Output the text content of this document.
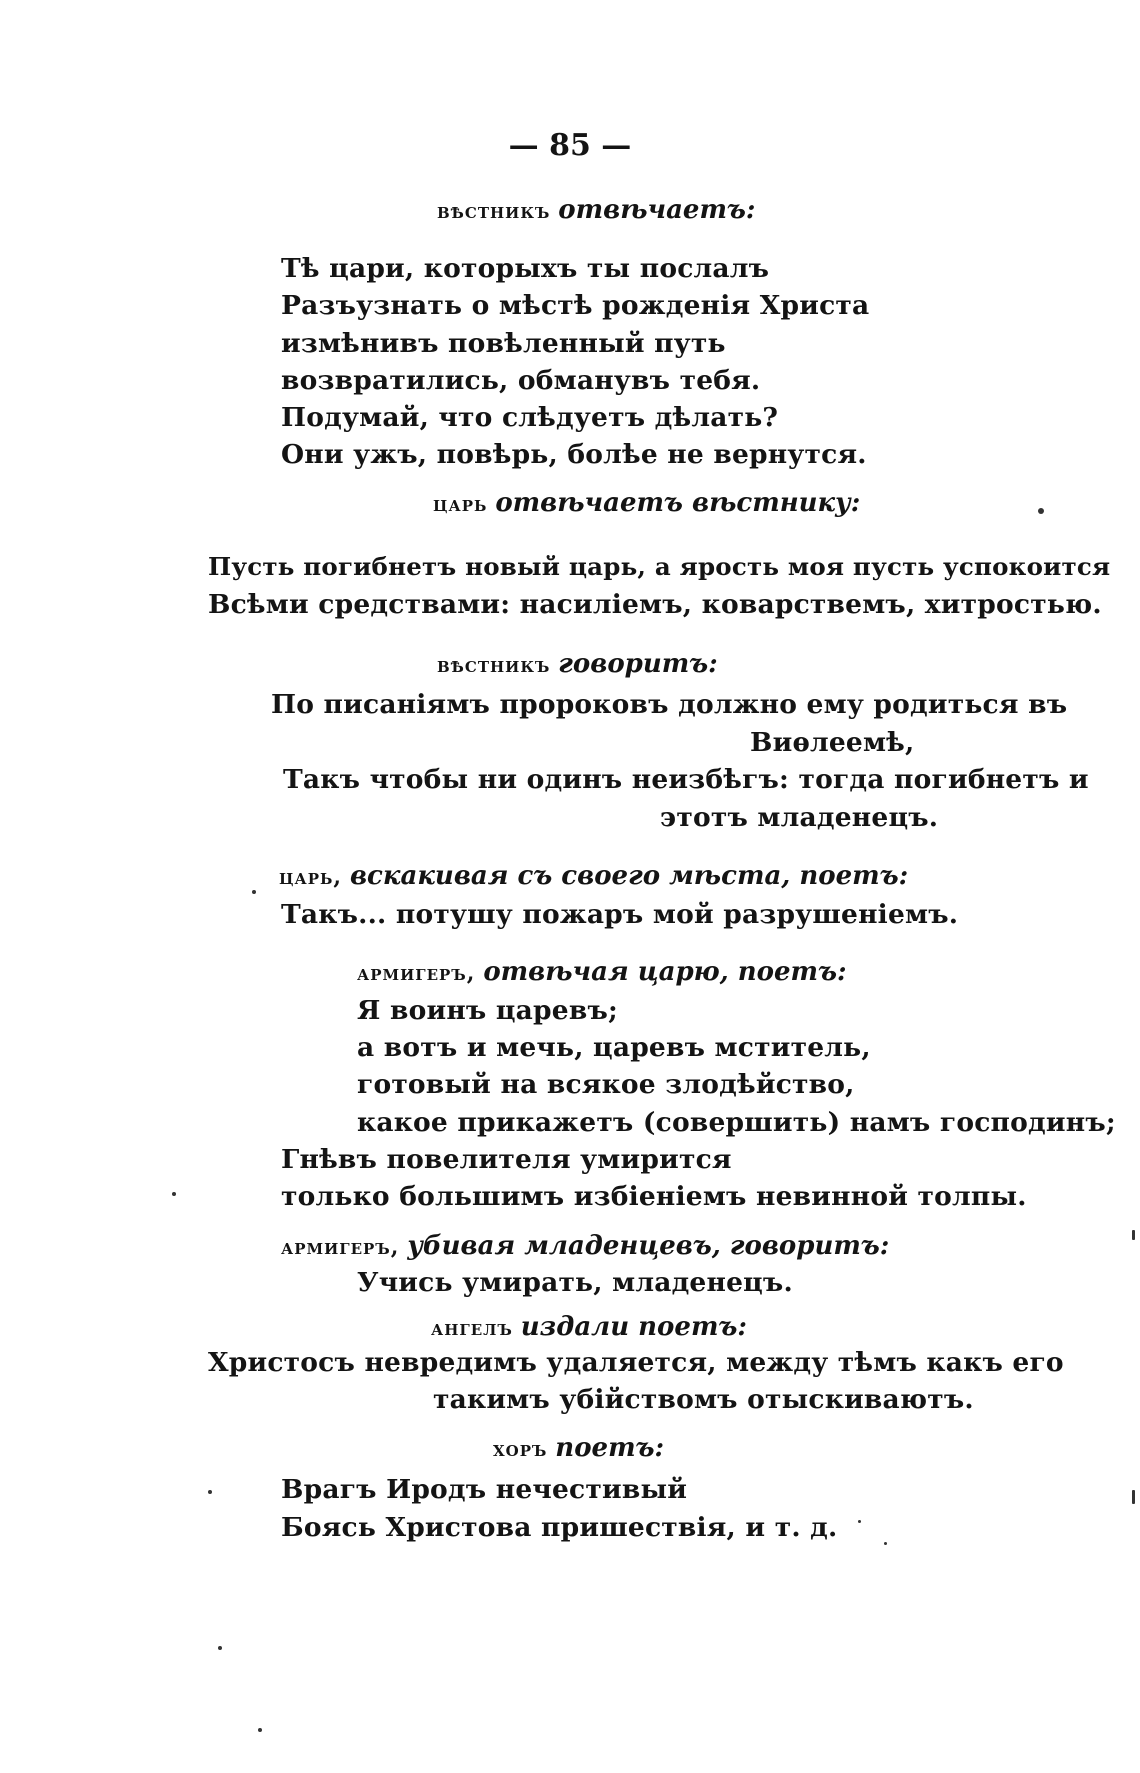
— 85 —
вѣстникъ отвѣчаетъ:
Тѣ цари, которыхъ ты послалъ
Разъузнать о мѣстѣ рожденія Христа
измѣнивъ повѣленный путь
возвратились, обманувъ тебя.
Подумай, что слѣдуетъ дѣлать?
Они ужъ, повѣрь, болѣе не вернутся.
царь отвѣчаетъ вѣстнику:
Пусть погибнетъ новый царь, а ярость моя пусть успокоится
Всѣми средствами: насиліемъ, коварствемъ, хитростью.
вѣстникъ говоритъ:
По писаніямъ пророковъ должно ему родиться въ
Виѳлеемѣ,
Такъ чтобы ни одинъ неизбѣгъ: тогда погибнетъ и
этотъ младенецъ.
царь, вскакивая съ своего мѣста, поетъ:
Такъ... потушу пожаръ мой разрушеніемъ.
армигеръ, отвѣчая царю, поетъ:
Я воинъ царевъ;
а вотъ и мечь, царевъ мститель,
готовый на всякое злодѣйство,
какое прикажетъ (совершить) намъ господинъ;
Гнѣвъ повелителя умирится
только большимъ избіеніемъ невинной толпы.
армигеръ, убивая младенцевъ, говоритъ:
Учись умирать, младенецъ.
ангелъ издали поетъ:
Христосъ невредимъ удаляется, между тѣмъ какъ его
такимъ убійствомъ отыскиваютъ.
хоръ поетъ:
Врагъ Иродъ нечестивый
Боясь Христова пришествія, и т. д.
